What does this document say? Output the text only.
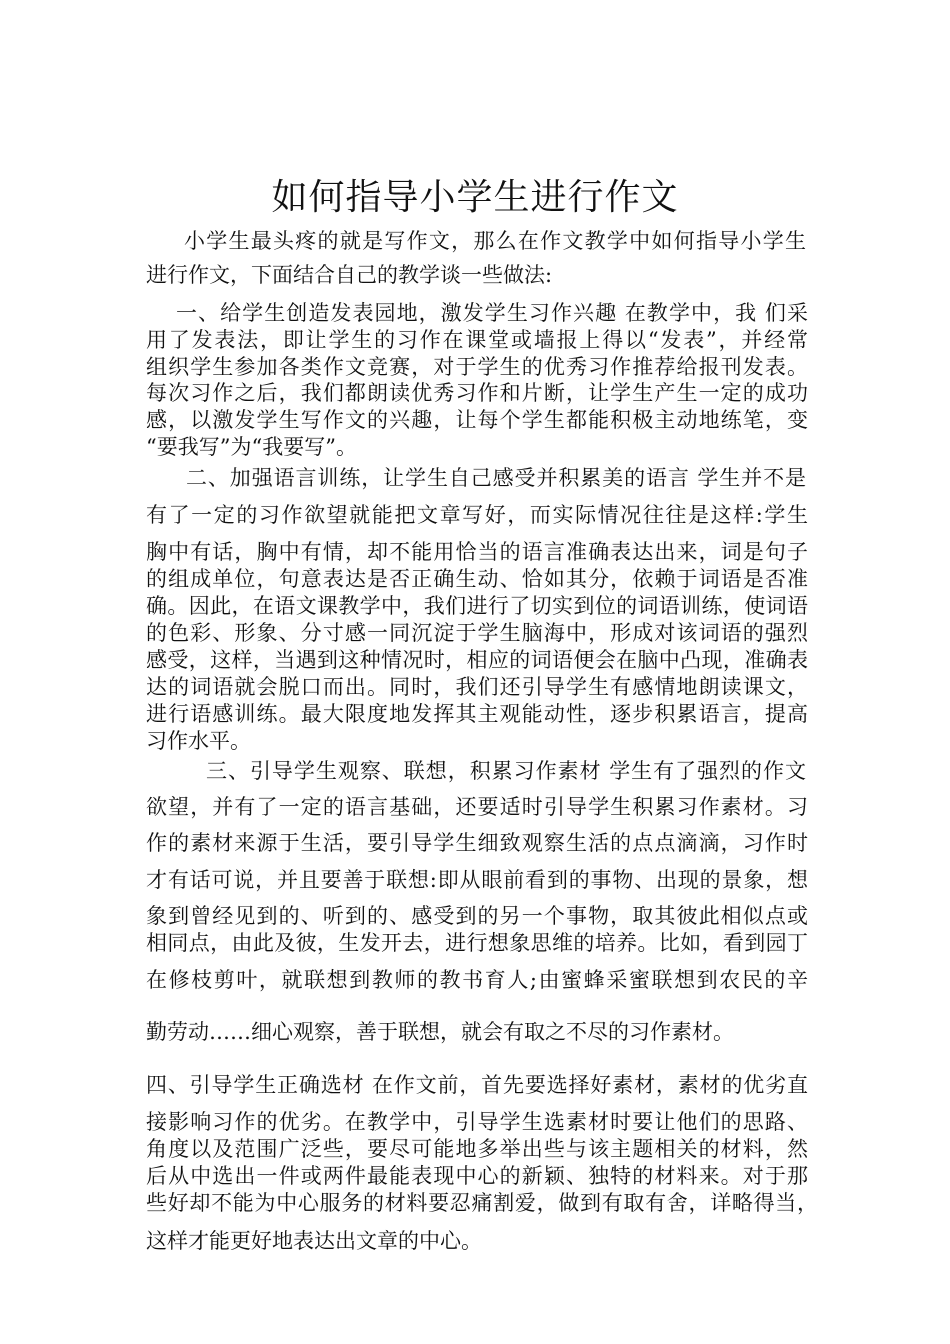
如何指导小学生进行作文

小学生最头疼的就是写作文，那么在作文教学中如何指导小学生

进行作文，下面结合自己的教学谈一些做法:

一、给学生创造发表园地，激发学生习作兴趣 在教学中，我 们采

用了发表法，即让学生的习作在课堂或墙报上得以“发表”，并经常

组织学生参加各类作文竞赛，对于学生的优秀习作推荐给报刊发表。

每次习作之后，我们都朗读优秀习作和片断，让学生产生一定的成功

感，以激发学生写作文的兴趣，让每个学生都能积极主动地练笔，变

“要我写”为“我要写”。

二、加强语言训练，让学生自己感受并积累美的语言 学生并不是

有了一定的习作欲望就能把文章写好，而实际情况往往是这样:学生

胸中有话，胸中有情，却不能用恰当的语言准确表达出来，词是句子

的组成单位，句意表达是否正确生动、恰如其分，依赖于词语是否准

确。因此，在语文课教学中，我们进行了切实到位的词语训练，使词语

的色彩、形象、分寸感一同沉淀于学生脑海中，形成对该词语的强烈

感受，这样，当遇到这种情况时，相应的词语便会在脑中凸现，准确表

达的词语就会脱口而出。同时，我们还引导学生有感情地朗读课文，

进行语感训练。最大限度地发挥其主观能动性，逐步积累语言，提高

习作水平。

三、引导学生观察、联想，积累习作素材 学生有了强烈的作文

欲望，并有了一定的语言基础，还要适时引导学生积累习作素材。习

作的素材来源于生活，要引导学生细致观察生活的点点滴滴，习作时

才有话可说，并且要善于联想:即从眼前看到的事物、出现的景象，想

象到曾经见到的、听到的、感受到的另一个事物，取其彼此相似点或

相同点，由此及彼，生发开去，进行想象思维的培养。比如，看到园丁

在修枝剪叶，就联想到教师的教书育人;由蜜蜂采蜜联想到农民的辛

勤劳动……细心观察，善于联想，就会有取之不尽的习作素材。

四、引导学生正确选材 在作文前，首先要选择好素材，素材的优劣直

接影响习作的优劣。在教学中，引导学生选素材时要让他们的思路、

角度以及范围广泛些，要尽可能地多举出些与该主题相关的材料，然

后从中选出一件或两件最能表现中心的新颖、独特的材料来。对于那

些好却不能为中心服务的材料要忍痛割爱，做到有取有舍，详略得当，

这样才能更好地表达出文章的中心。
